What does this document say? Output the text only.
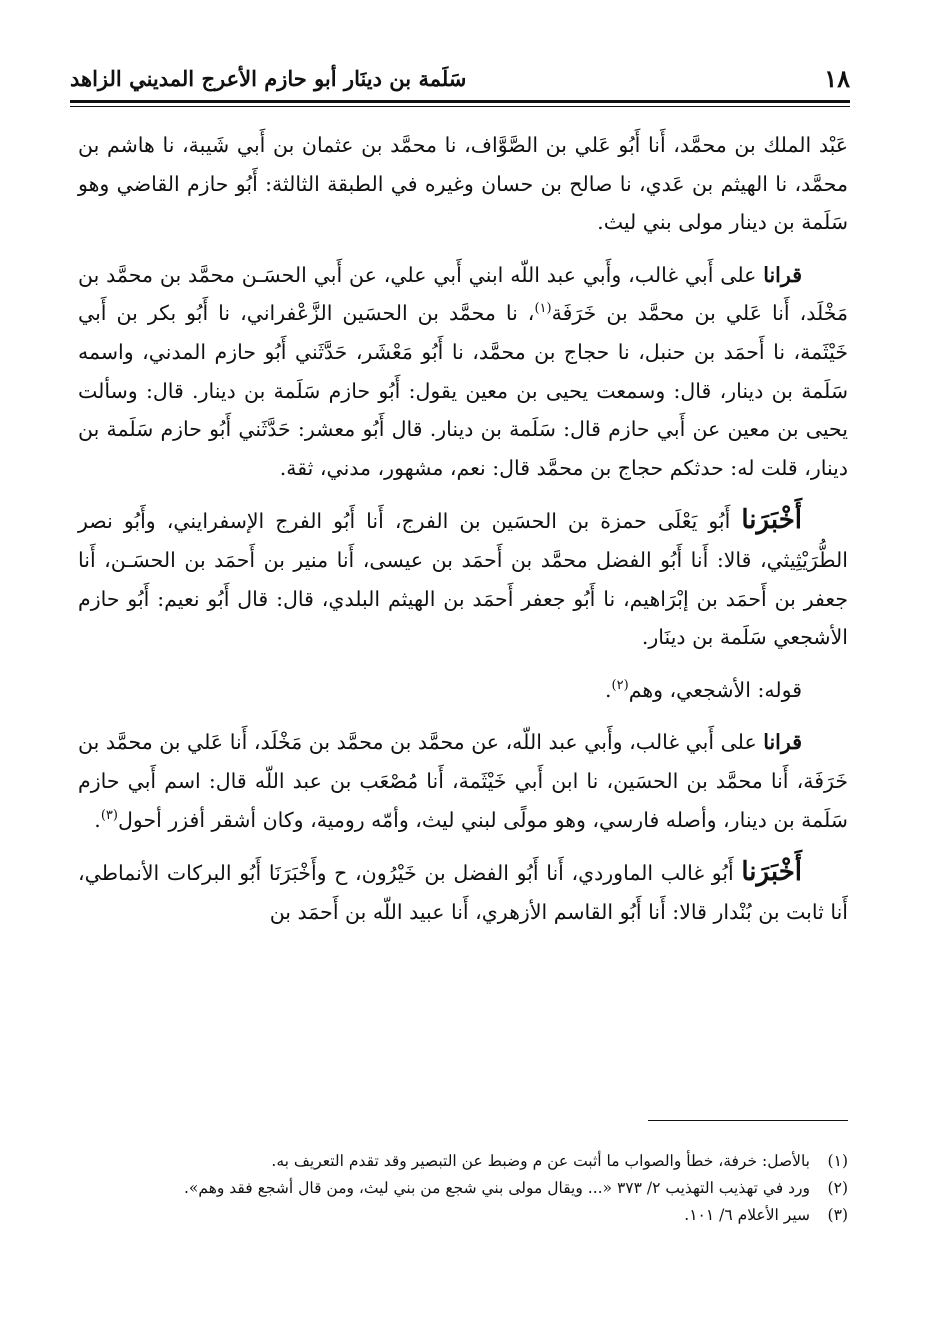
١٨
سَلَمة بن دينَار أبو حازم الأعرج المديني الزاهد

عَبْد الملك بن محمَّد، أَنا أَبُو عَلي بن الصَّوَّاف، نا محمَّد بن عثمان بن أَبي شَيبة، نا هاشم بن محمَّد، نا الهيثم بن عَدي، نا صالح بن حسان وغيره في الطبقة الثالثة: أَبُو حازم القاضي وهو سَلَمة بن دينار مولى بني ليث.

قرانا على أَبي غالب، وأَبي عبد اللّه ابني أَبي علي، عن أَبي الحسَـن محمَّد بن محمَّد بن مَخْلَد، أَنا عَلي بن محمَّد بن خَرَفَة$^{(١)}$، نا محمَّد بن الحسَين الزَّعْفراني، نا أَبُو بكر بن أَبي خَيْثَمة، نا أَحمَد بن حنبل، نا حجاج بن محمَّد، نا أَبُو مَعْشَر، حَدَّثَني أَبُو حازم المدني، واسمه سَلَمة بن دينار، قال: وسمعت يحيى بن معين يقول: أَبُو حازم سَلَمة بن دينار. قال: وسألت يحيى بن معين عن أَبي حازم قال: سَلَمة بن دينار. قال أَبُو معشر: حَدَّثَني أَبُو حازم سَلَمة بن دينار، قلت له: حدثكم حجاج بن محمَّد قال: نعم، مشهور، مدني، ثقة.

أَخْبَرَنا أَبُو يَعْلَى حمزة بن الحسَين بن الفرج، أَنا أَبُو الفرج الإسفرايني، وأَبُو نصر الطُّرَيْثِيثي، قالا: أَنا أَبُو الفضل محمَّد بن أَحمَد بن عيسى، أَنا منير بن أَحمَد بن الحسَـن، أَنا جعفر بن أَحمَد بن إبْرَاهيم، نا أَبُو جعفر أَحمَد بن الهيثم البلدي، قال: قال أَبُو نعيم: أَبُو حازم الأشجعي سَلَمة بن دينَار.

قوله: الأشجعي، وهم$^{(٢)}$.

قرانا على أَبي غالب، وأَبي عبد اللّه، عن محمَّد بن محمَّد بن مَخْلَد، أَنا عَلي بن محمَّد بن خَرَفَة، أَنا محمَّد بن الحسَين، نا ابن أَبي خَيْثَمة، أَنا مُصْعَب بن عبد اللّه قال: اسم أَبي حازم سَلَمة بن دينار، وأصله فارسي، وهو مولًى لبني ليث، وأمّه رومية، وكان أشقر أفزر أحول$^{(٣)}$.

أَخْبَرَنا أَبُو غالب الماوردي، أَنا أَبُو الفضل بن خَيْرُون، ح وأَخْبَرَنَا أَبُو البركات الأنماطي، أَنا ثابت بن بُنْدار قالا: أَنا أَبُو القاسم الأزهري، أَنا عبيد اللّه بن أَحمَد بن

(١)
بالأصل: خرفة، خطأ والصواب ما أثبت عن م وضبط عن التبصير وقد تقدم التعريف به.

(٢)
ورد في تهذيب التهذيب ٢/ ٣٧٣ «... ويقال مولى بني شجع من بني ليث، ومن قال أشجع فقد وهم».

(٣)
سير الأعلام ٦/ ١٠١.
